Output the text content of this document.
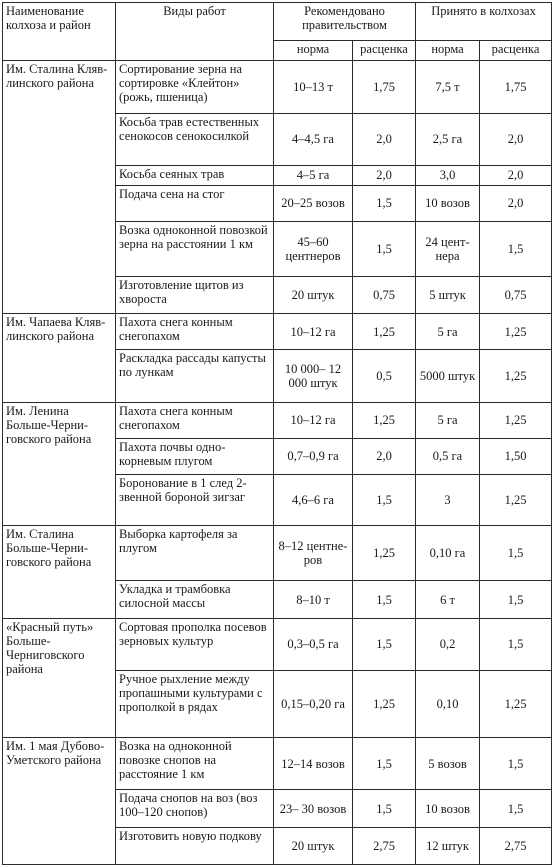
Наименование колхоза и район	Виды работ	Рекомендовано правительством		Принято в колхозах	
		норма	расценка	норма	расценка
Им. Сталина Клявлинского района	Сортирование зерна на сортировке «Клейтон» (рожь, пшеница)	10–13 т	1,75	7,5 т	1,75
	Косьба трав естественных сенокосов сенокосилкой	4–4,5 га	2,0	2,5 га	2,0
	Косьба сеяных трав	4–5 га	2,0	3,0	2,0
	Подача сена на стог	20–25 возов	1,5	10 возов	2,0
	Возка одноконной повозкой зерна на расстоянии 1 км	45–60 центнеров	1,5	24 центнера	1,5
	Изготовление щитов из хвороста	20 штук	0,75	5 штук	0,75
Им. Чапаева Клявлинского района	Пахота снега конным снегопахом	10–12 га	1,25	5 га	1,25
	Раскладка рассады капусты по лункам	10 000– 12 000 штук	0,5	5000 штук	1,25
Им. Ленина Больше-Черниговского района	Пахота снега конным снегопахом	10–12 га	1,25	5 га	1,25
	Пахота почвы однокорневым плугом	0,7–0,9 га	2,0	0,5 га	1,50
	Боронование в 1 след 2-звенной бороной зигзаг	4,6–6 га	1,5	3	1,25
Им. Сталина Больше-Черниговского района	Выборка картофеля за плугом	8–12 центнеров	1,25	0,10 га	1,5
	Укладка и трамбовка силосной массы	8–10 т	1,5	6 т	1,5
«Красный путь» Больше-Черниговского района	Сортовая прополка посевов зерновых культур	0,3–0,5 га	1,5	0,2	1,5
	Ручное рыхление между пропашными культурами с прополкой в рядах	0,15–0,20 га	1,25	0,10	1,25
Им. 1 мая Дубово-Уметского района	Возка на одноконной повозке снопов на расстояние 1 км	12–14 возов	1,5	5 возов	1,5
	Подача снопов на воз (воз 100–120 снопов)	23– 30 возов	1,5	10 возов	1,5
	Изготовить новую подкову	20 штук	2,75	12 штук	2,75
